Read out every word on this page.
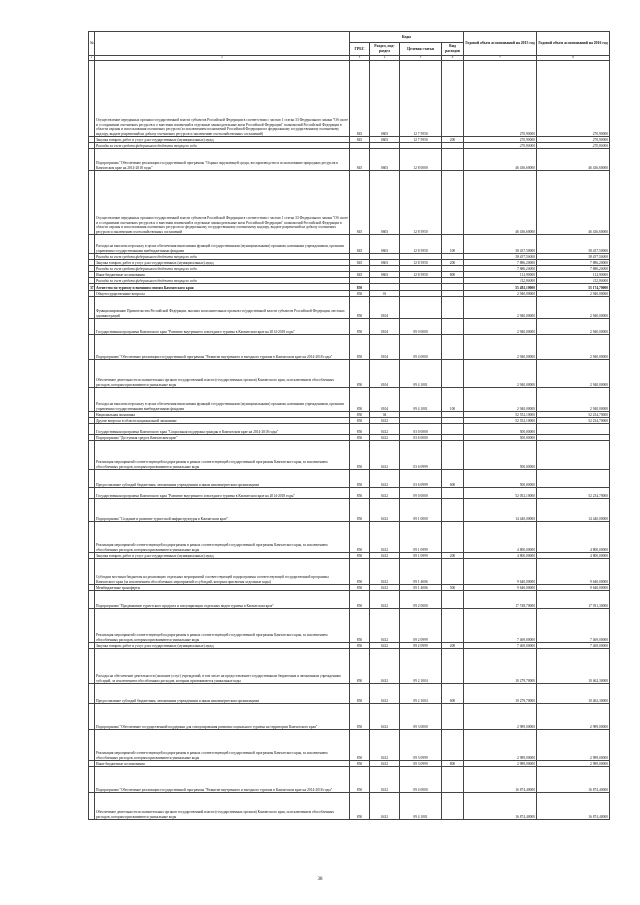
№		Коды				Годовой объем ассигнований на 2015 год	Годовой объем ассигнований на 2016 год
		ГРБС	Раздел, под-раздел	Целевая статья	Вид расходов		
1	2	3	4	5	6	7	8
	Осуществление переданных органам государственной власти субъектов Российской Федерации в соответствии с частью 1 статьи 33 Федерального закона "Об охоте и о сохранении охотничьих ресурсов и о внесении изменений в отдельные законодательные акты Российской Федерации" полномочий Российской Федерации в области охраны и использования охотничьих ресурсов (за исключением полномочий Российской Федерации по федеральному государственному охотничьему надзору, выдаче разрешений на добычу охотничьих ресурсов и заключению охотхозяйственных соглашений)	845	0603	12 7 5950		270,90000	270,90000
	Закупка товаров, работ и услуг для государственных (муниципальных) нужд	845	0603	12 7 5950	200	270,90000	270,90000
	Расходы за счет средств федерального бюджета текущего года					270,90000	270,90000
	Подпрограмма "Обеспечение реализации государственной программы "Охрана окружающей среды, воспроизводство и использование природных ресурсов в Камчатском крае на 2014-2018 годы"	845	0603	12 8 0000		46 436,60000	46 436,60000
	Осуществление переданных органам государственной власти субъектов Российской Федерации в соответствии с частью 1 статьи 33 Федерального закона "Об охоте и о сохранении охотничьих ресурсов и о внесении изменений в отдельные законодательные акты Российской Федерации" полномочий Российской Федерации в области охраны и использования охотничьих ресурсов по федеральному государственному охотничьему надзору, выдаче разрешений на добычу охотничьих ресурсов и заключению охотхозяйственных соглашений	845	0603	12 8 5950		46 436,60000	46 436,60000
	Расходы на выплаты персоналу в целях обеспечения выполнения функций государственными (муниципальными) органами, казенными учреждениями, органами управления государственными внебюджетными фондами	845	0603	12 8 5950	100	38 437,50000	38 437,50000
	Расходы за счет средств федерального бюджета текущего года					38 437,50000	38 437,50000
	Закупка товаров, работ и услуг для государственных (муниципальных) нужд	845	0603	12 8 5950	200	7 886,20000	7 886,20000
	Расходы за счет средств федерального бюджета текущего года					7 886,20000	7 886,20000
	Иные бюджетные ассигнования	845	0603	12 8 5950	800	112,90000	112,90000
	Расходы за счет средств федерального бюджета текущего года					112,90000	112,90000
37	Агентство по туризму и внешним связям Камчатского края	850				55 492,10000	55 174,70000
	Общегосударственные вопросы	850	01			2 940,00000	2 940,00000
	Функционирование Правительства Российской Федерации, высших исполнительных органов государственной власти субъектов Российской Федерации, местных администраций	850	0104			2 940,00000	2 940,00000
	Государственная программа Камчатского края "Развитие внутреннего и въездного туризма в Камчатском крае на 2014-2018 годы"	850	0104	09 0 0000		2 940,00000	2 940,00000
	Подпрограмма "Обеспечение реализации государственной программы "Развитие внутреннего и въездного туризма в Камчатском крае на 2014-2018 годы"	850	0104	09 4 0000		2 940,00000	2 940,00000
	Обеспечение деятельности исполнительных органов государственной власти (государственных органов) Камчатского края, за исключением обособленных расходов, которым присваиваются уникальные коды	850	0104	09 4 1001		2 940,00000	2 940,00000
	Расходы на выплаты персоналу в целях обеспечения выполнения функций государственными (муниципальными) органами, казенными учреждениями, органами управления государственными внебюджетными фондами	850	0104	09 4 1001	100	2 940,00000	2 940,00000
	Национальная экономика	850	04			52 552,10000	52 234,70000
	Другие вопросы в области национальной экономики	850	0412			52 552,10000	52 234,70000
	Государственная программа Камчатского края "Социальная поддержка граждан в Камчатском крае на 2014-2018 годы"	850	0412	03 0 0000		500,00000	
	Подпрограмма "Доступная среда в Камчатском крае"	850	0412	03 6 0000		500,00000	
	Реализация мероприятий соответствующей подпрограммы в рамках соответствующей государственной программы Камчатского края, за исключением обособленных расходов, которым присваиваются уникальные коды	850	0412	03 6 0999		500,00000	
	Предоставление субсидий бюджетным, автономным учреждениям и иным некоммерческим организациям	850	0412	03 6 0999	600	500,00000	
	Государственная программа Камчатского края "Развитие внутреннего и въездного туризма в Камчатском крае на 2014-2018 годы"	850	0412	09 0 0000		52 052,10000	52 234,70000
	Подпрограмма "Создание и развитие туристской инфраструктуры в Камчатском крае"	850	0412	09 1 0000		14 440,00000	14 440,00000
	Реализация мероприятий соответствующей подпрограммы в рамках соответствующей государственной программы Камчатского края, за исключением обособленных расходов, которым присваиваются уникальные коды	850	0412	09 1 0999		4 800,00000	4 800,00000
	Закупка товаров, работ и услуг для государственных (муниципальных) нужд	850	0412	09 1 0999	200	4 800,00000	4 800,00000
	Субсидии местным бюджетам на реализацию отдельных мероприятий соответствующей подпрограммы соответствующей государственной программы Камчатского края (за исключением обособленных мероприятий и субсидий, которым присвоены отдельные коды)	850	0412	09 1 4006		9 640,00000	9 640,00000
	Межбюджетные трансферты	850	0412	09 1 4006	500	9 640,00000	9 640,00000
	Подпрограмма "Продвижение туристского продукта и популяризация отдельных видов туризма в Камчатском крае"	850	0412	09 2 0000		17 748,70000	17 931,30000
	Реализация мероприятий соответствующей подпрограммы в рамках соответствующей государственной программы Камчатского края, за исключением обособленных расходов, которым присваиваются уникальные коды	850	0412	09 2 0999		7 469,00000	7 469,00000
	Закупка товаров, работ и услуг для государственных (муниципальных) нужд	850	0412	09 2 0999	200	7 469,00000	7 469,00000
	Расходы на обеспечение деятельности (оказание услуг) учреждений, в том числе на предоставление государственным бюджетным и автономным учреждениям субсидий, за исключением обособленных расходов, которым присваиваются уникальные коды	850	0412	09 2 1004		10 279,70000	10 462,30000
	Предоставление субсидий бюджетным, автономным учреждениям и иным некоммерческим организациям	850	0412	09 2 1004	600	10 279,70000	10 462,30000
	Подпрограмма "Обеспечение государственной поддержки для стимулирования развития социального туризма на территории Камчатского края"	850	0412	09 3 0000		2 989,00000	2 989,00000
	Реализация мероприятий соответствующей подпрограммы в рамках соответствующей государственной программы Камчатского края, за исключением обособленных расходов, которым присваиваются уникальные коды	850	0412	09 3 0999		2 989,00000	2 989,00000
	Иные бюджетные ассигнования	850	0412	09 3 0999	800	2 989,00000	2 989,00000
	Подпрограмма "Обеспечение реализации государственной программы "Развитие внутреннего и въездного туризма в Камчатском крае на 2014-2018 годы"	850	0412	09 4 0000		16 874,40000	16 874,40000
	Обеспечение деятельности исполнительных органов государственной власти (государственных органов) Камчатского края, за исключением обособленных расходов, которым присваиваются уникальные коды	850	0412	09 4 1001		16 874,40000	16 874,40000
38
